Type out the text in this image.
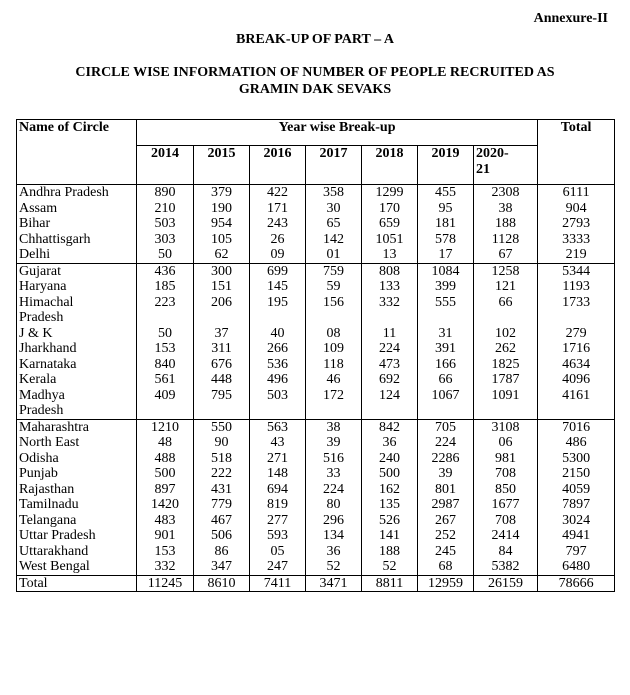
Annexure-II
BREAK-UP OF PART – A
CIRCLE WISE INFORMATION OF NUMBER OF PEOPLE RECRUITED AS
GRAMIN DAK SEVAKS
Name of Circle	Year wise Break-up							Total
	2014	2015	2016	2017	2018	2019	2020-
21	
Andhra Pradesh	890	379	422	358	1299	455	2308	6111
Assam	210	190	171	30	170	95	38	904
Bihar	503	954	243	65	659	181	188	2793
Chhattisgarh	303	105	26	142	1051	578	1128	3333
Delhi	50	62	09	01	13	17	67	219
Gujarat	436	300	699	759	808	1084	1258	5344
Haryana	185	151	145	59	133	399	121	1193
Himachal
Pradesh	223	206	195	156	332	555	66	1733
J & K	50	37	40	08	11	31	102	279
Jharkhand	153	311	266	109	224	391	262	1716
Karnataka	840	676	536	118	473	166	1825	4634
Kerala	561	448	496	46	692	66	1787	4096
Madhya
Pradesh	409	795	503	172	124	1067	1091	4161
Maharashtra	1210	550	563	38	842	705	3108	7016
North East	48	90	43	39	36	224	06	486
Odisha	488	518	271	516	240	2286	981	5300
Punjab	500	222	148	33	500	39	708	2150
Rajasthan	897	431	694	224	162	801	850	4059
Tamilnadu	1420	779	819	80	135	2987	1677	7897
Telangana	483	467	277	296	526	267	708	3024
Uttar Pradesh	901	506	593	134	141	252	2414	4941
Uttarakhand	153	86	05	36	188	245	84	797
West Bengal	332	347	247	52	52	68	5382	6480
Total	11245	8610	7411	3471	8811	12959	26159	78666
